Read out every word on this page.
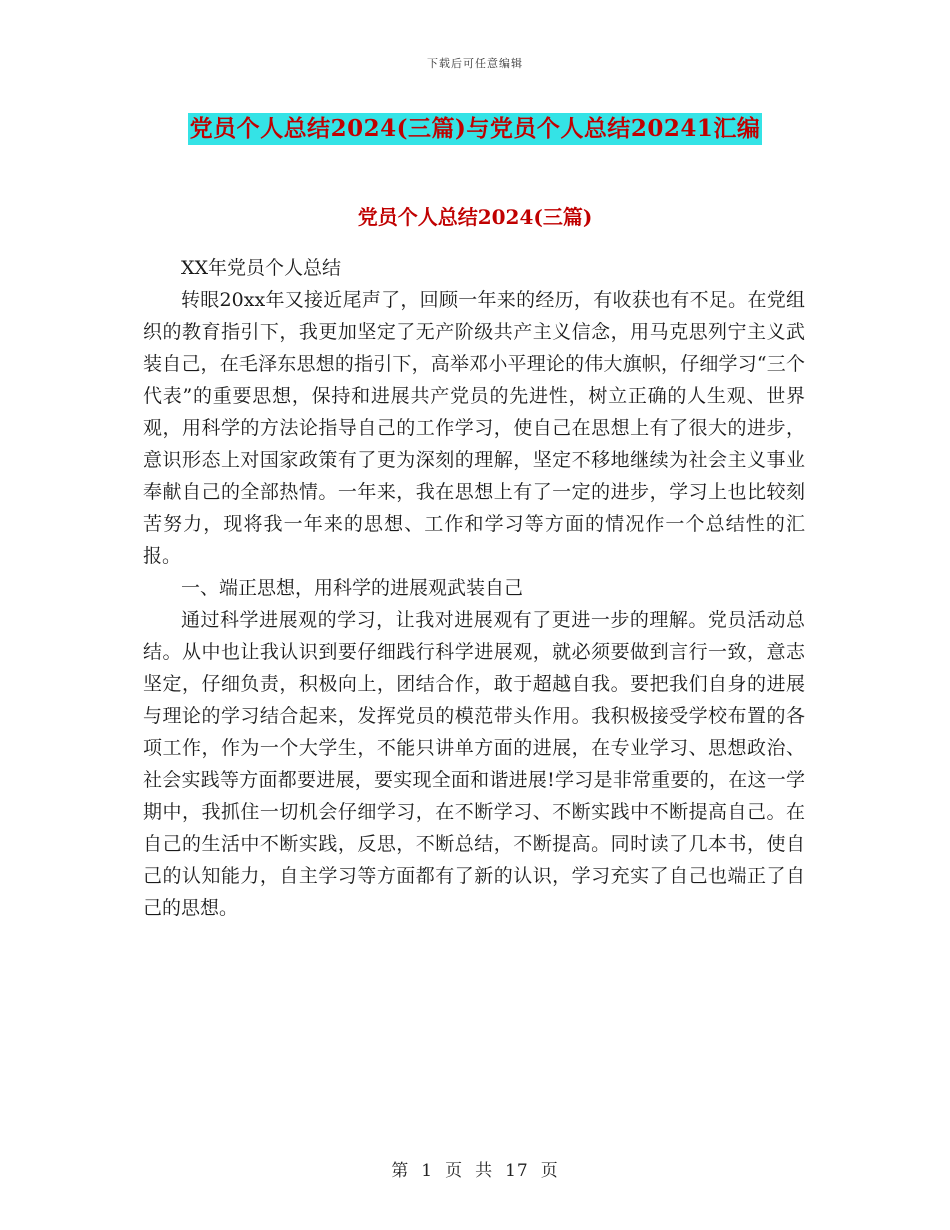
下载后可任意编辑
党员个人总结2024(三篇)与党员个人总结20241汇编
党员个人总结2024(三篇)

XX年党员个人总结

转眼20xx年又接近尾声了，回顾一年来的经历，有收获也有不足。在党组织的教育指引下，我更加坚定了无产阶级共产主义信念，用马克思列宁主义武装自己，在毛泽东思想的指引下，高举邓小平理论的伟大旗帜，仔细学习“三个代表”的重要思想，保持和进展共产党员的先进性，树立正确的人生观、世界观，用科学的方法论指导自己的工作学习，使自己在思想上有了很大的进步，意识形态上对国家政策有了更为深刻的理解，坚定不移地继续为社会主义事业奉献自己的全部热情。一年来，我在思想上有了一定的进步，学习上也比较刻苦努力，现将我一年来的思想、工作和学习等方面的情况作一个总结性的汇报。

一、端正思想，用科学的进展观武装自己

通过科学进展观的学习，让我对进展观有了更进一步的理解。党员活动总结。从中也让我认识到要仔细践行科学进展观，就必须要做到言行一致，意志坚定，仔细负责，积极向上，团结合作，敢于超越自我。要把我们自身的进展与理论的学习结合起来，发挥党员的模范带头作用。我积极接受学校布置的各项工作，作为一个大学生，不能只讲单方面的进展，在专业学习、思想政治、社会实践等方面都要进展，要实现全面和谐进展!学习是非常重要的，在这一学期中，我抓住一切机会仔细学习，在不断学习、不断实践中不断提高自己。在自己的生活中不断实践，反思，不断总结，不断提高。同时读了几本书，使自己的认知能力，自主学习等方面都有了新的认识，学习充实了自己也端正了自己的思想。

第 1 页 共 17 页
